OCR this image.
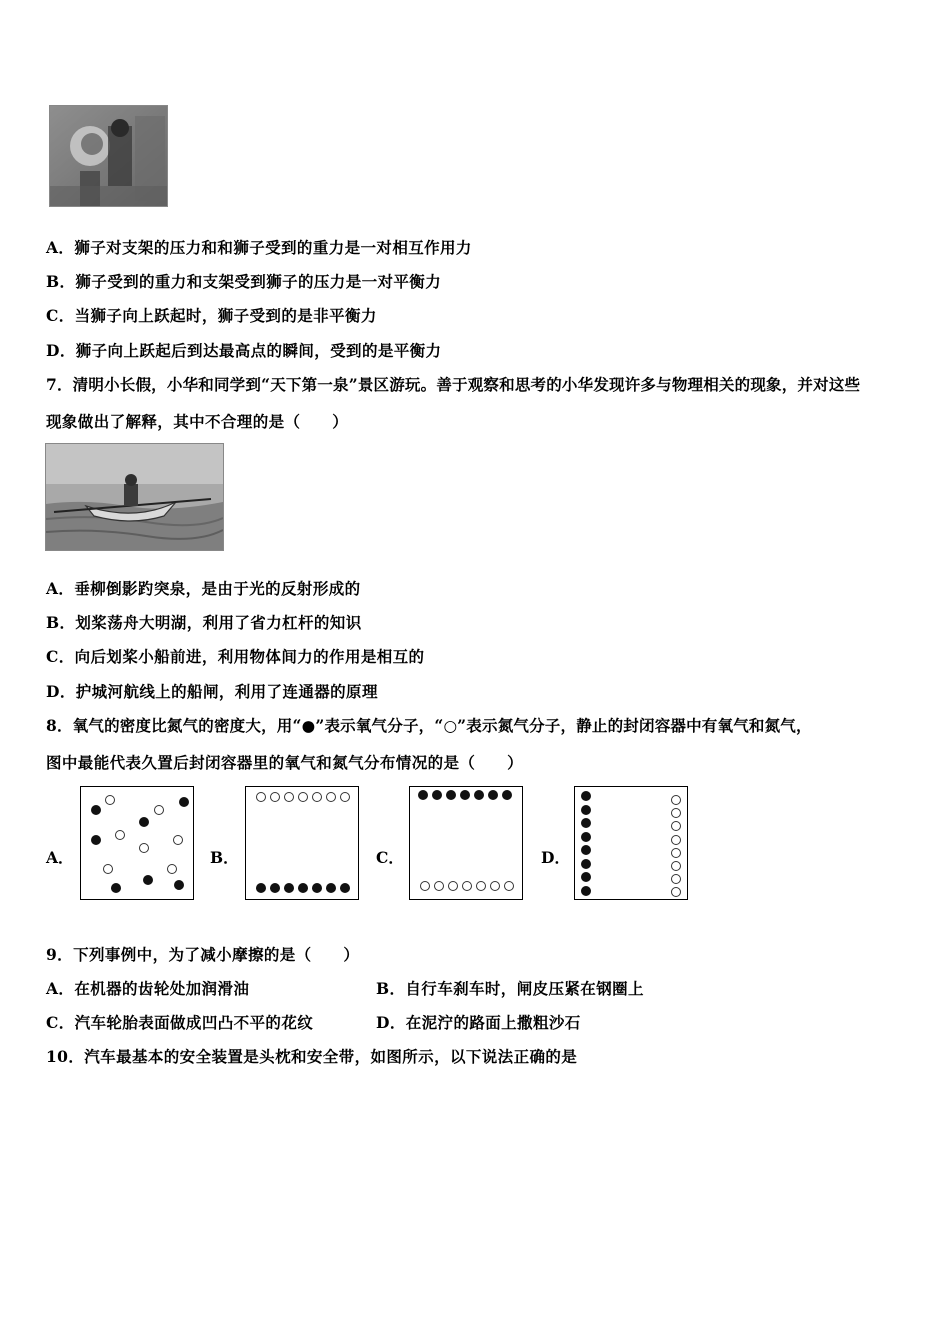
A．狮子对支架的压力和和狮子受到的重力是一对相互作用力
B．狮子受到的重力和支架受到狮子的压力是一对平衡力
C．当狮子向上跃起时，狮子受到的是非平衡力
D．狮子向上跃起后到达最高点的瞬间，受到的是平衡力
7．清明小长假，小华和同学到“天下第一泉”景区游玩。善于观察和思考的小华发现许多与物理相关的现象，并对这些
现象做出了解释，其中不合理的是（　　）
A．垂柳倒影趵突泉，是由于光的反射形成的
B．划桨荡舟大明湖，利用了省力杠杆的知识
C．向后划桨小船前进，利用物体间力的作用是相互的
D．护城河航线上的船闸，利用了连通器的原理
8．氧气的密度比氮气的密度大，用“●”表示氧气分子，“○”表示氮气分子，静止的封闭容器中有氧气和氮气，
图中最能代表久置后封闭容器里的氧气和氮气分布情况的是（　　）
A．	B．	C．	D．
9．下列事例中，为了减小摩擦的是（　　）
A．在机器的齿轮处加润滑油	B．自行车刹车时，闸皮压紧在钢圈上
C．汽车轮胎表面做成凹凸不平的花纹	D．在泥泞的路面上撒粗沙石
10．汽车最基本的安全装置是头枕和安全带，如图所示，以下说法正确的是
